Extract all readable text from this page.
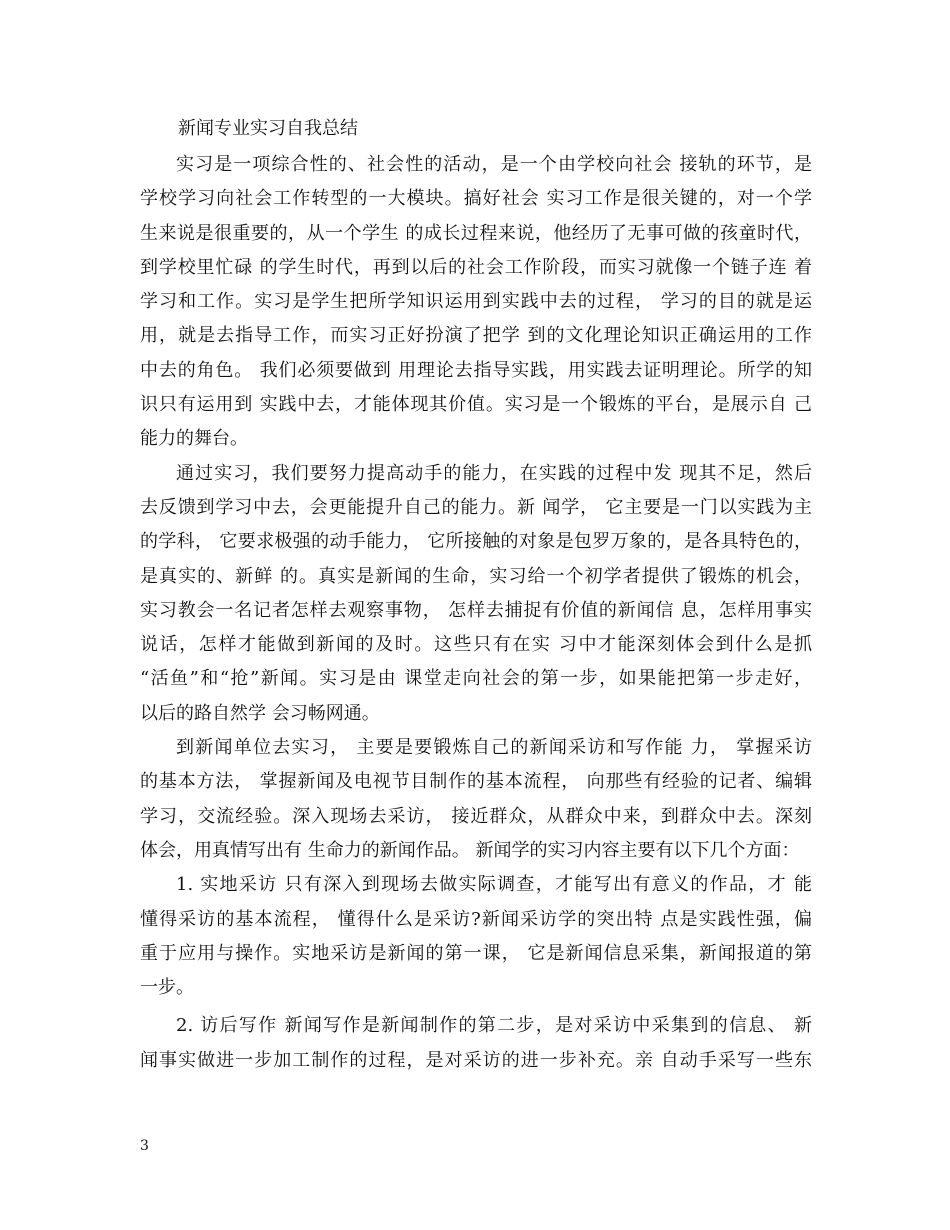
新闻专业实习自我总结
实习是一项综合性的、社会性的活动，是一个由学校向社会 接轨的环节，是
学校学习向社会工作转型的一大模块。搞好社会 实习工作是很关键的，对一个学
生来说是很重要的，从一个学生 的成长过程来说，他经历了无事可做的孩童时代，
到学校里忙碌 的学生时代，再到以后的社会工作阶段，而实习就像一个链子连 着
学习和工作。实习是学生把所学知识运用到实践中去的过程， 学习的目的就是运
用，就是去指导工作，而实习正好扮演了把学 到的文化理论知识正确运用的工作
中去的角色。 我们必须要做到 用理论去指导实践，用实践去证明理论。所学的知
识只有运用到 实践中去，才能体现其价值。实习是一个锻炼的平台，是展示自 己
能力的舞台。
通过实习，我们要努力提高动手的能力，在实践的过程中发 现其不足，然后
去反馈到学习中去，会更能提升自己的能力。新 闻学， 它主要是一门以实践为主
的学科， 它要求极强的动手能力， 它所接触的对象是包罗万象的，是各具特色的，
是真实的、新鲜 的。真实是新闻的生命，实习给一个初学者提供了锻炼的机会，
实习教会一名记者怎样去观察事物， 怎样去捕捉有价值的新闻信 息，怎样用事实
说话，怎样才能做到新闻的及时。这些只有在实 习中才能深刻体会到什么是抓
“活鱼”和“抢”新闻。实习是由 课堂走向社会的第一步，如果能把第一步走好，
以后的路自然学 会习畅网通。
到新闻单位去实习， 主要是要锻炼自己的新闻采访和写作能 力， 掌握采访
的基本方法， 掌握新闻及电视节目制作的基本流程， 向那些有经验的记者、编辑
学习，交流经验。深入现场去采访， 接近群众，从群众中来，到群众中去。深刻
体会，用真情写出有 生命力的新闻作品。 新闻学的实习内容主要有以下几个方面：
1. 实地采访 只有深入到现场去做实际调查，才能写出有意义的作品，才 能
懂得采访的基本流程， 懂得什么是采访?新闻采访学的突出特 点是实践性强，偏
重于应用与操作。实地采访是新闻的第一课， 它是新闻信息采集，新闻报道的第
一步。
2. 访后写作 新闻写作是新闻制作的第二步，是对采访中采集到的信息、 新
闻事实做进一步加工制作的过程，是对采访的进一步补充。亲 自动手采写一些东
3
